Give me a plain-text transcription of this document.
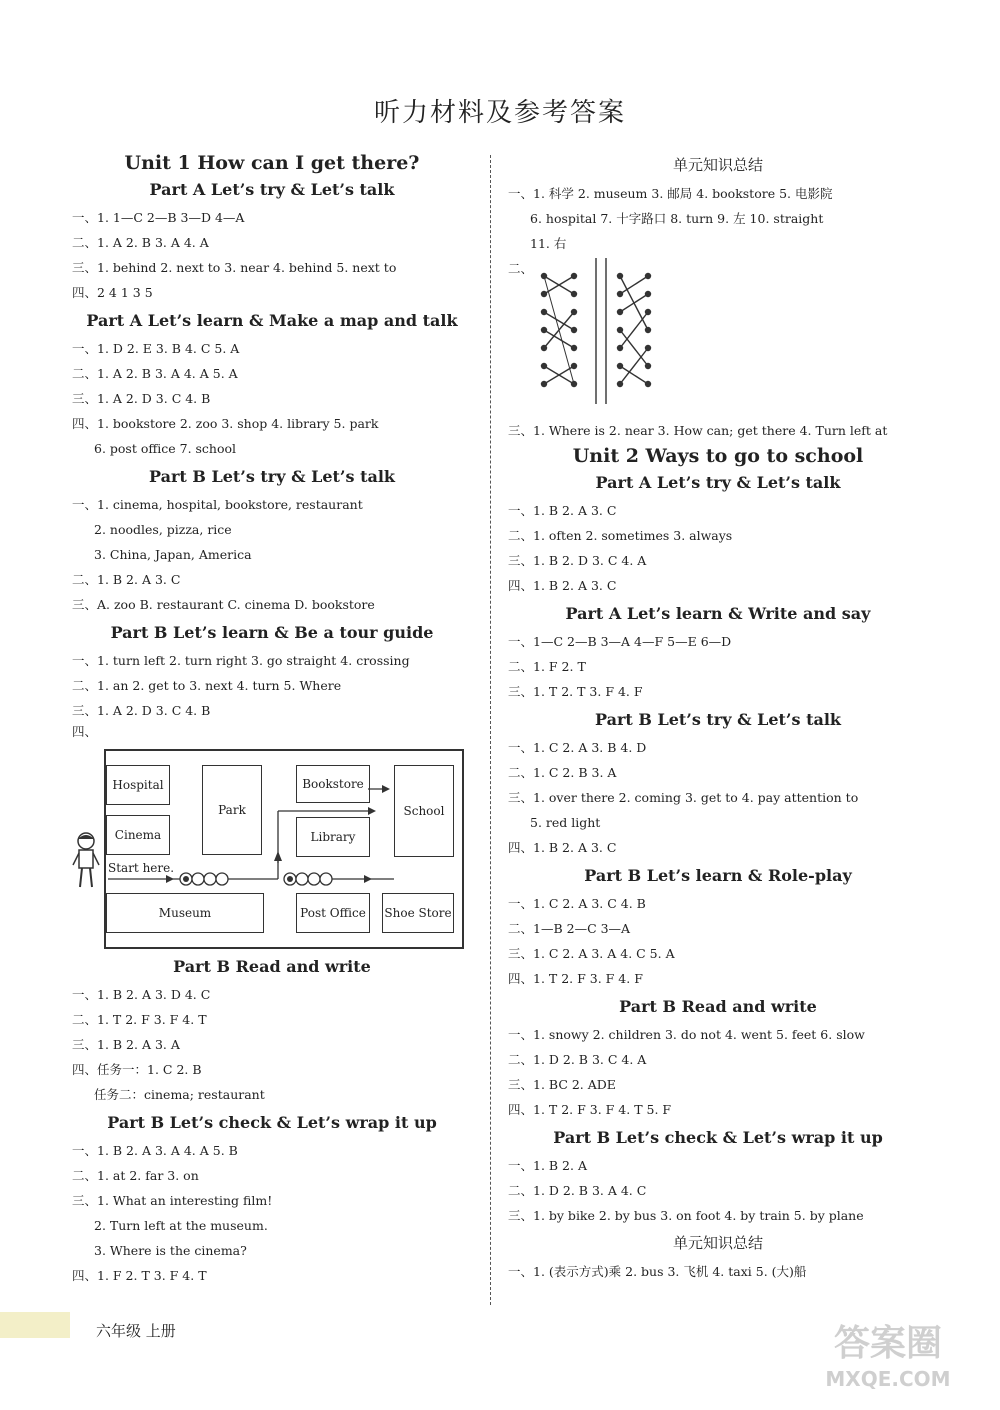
听力材料及参考答案
Unit 1 How can I get there?
Part A Let’s try & Let’s talk
一、1. 1—C 2—B 3—D 4—A
二、1. A 2. B 3. A 4. A
三、1. behind 2. next to 3. near 4. behind 5. next to
四、2 4 1 3 5
Part A Let’s learn & Make a map and talk
一、1. D 2. E 3. B 4. C 5. A
二、1. A 2. B 3. A 4. A 5. A
三、1. A 2. D 3. C 4. B
四、1. bookstore 2. zoo 3. shop 4. library 5. park
6. post office 7. school
Part B Let’s try & Let’s talk
一、1. cinema, hospital, bookstore, restaurant
2. noodles, pizza, rice
3. China, Japan, America
二、1. B 2. A 3. C
三、A. zoo B. restaurant C. cinema D. bookstore
Part B Let’s learn & Be a tour guide
一、1. turn left 2. turn right 3. go straight 4. crossing
二、1. an 2. get to 3. next 4. turn 5. Where
三、1. A 2. D 3. C 4. B
四、
Hospital
Cinema
Park
Bookstore
Library
School
Museum	Post Office	Shoe Store
Start here.
Part B Read and write
一、1. B 2. A 3. D 4. C
二、1. T 2. F 3. F 4. T
三、1. B 2. A 3. A
四、任务一：1. C 2. B
任务二：cinema; restaurant
Part B Let’s check & Let’s wrap it up
一、1. B 2. A 3. A 4. A 5. B
二、1. at 2. far 3. on
三、1. What an interesting film!
2. Turn left at the museum.
3. Where is the cinema?
四、1. F 2. T 3. F 4. T
单元知识总结
一、1. 科学 2. museum 3. 邮局 4. bookstore 5. 电影院
6. hospital 7. 十字路口 8. turn 9. 左 10. straight
11. 右
二、
三、1. Where is 2. near 3. How can; get there 4. Turn left at
Unit 2 Ways to go to school
Part A Let’s try & Let’s talk
一、1. B 2. A 3. C
二、1. often 2. sometimes 3. always
三、1. B 2. D 3. C 4. A
四、1. B 2. A 3. C
Part A Let’s learn & Write and say
一、1—C 2—B 3—A 4—F 5—E 6—D
二、1. F 2. T
三、1. T 2. T 3. F 4. F
Part B Let’s try & Let’s talk
一、1. C 2. A 3. B 4. D
二、1. C 2. B 3. A
三、1. over there 2. coming 3. get to 4. pay attention to
5. red light
四、1. B 2. A 3. C
Part B Let’s learn & Role-play
一、1. C 2. A 3. C 4. B
二、1—B 2—C 3—A
三、1. C 2. A 3. A 4. C 5. A
四、1. T 2. F 3. F 4. F
Part B Read and write
一、1. snowy 2. children 3. do not 4. went 5. feet 6. slow
二、1. D 2. B 3. C 4. A
三、1. BC 2. ADE
四、1. T 2. F 3. F 4. T 5. F
Part B Let’s check & Let’s wrap it up
一、1. B 2. A
二、1. D 2. B 3. A 4. C
三、1. by bike 2. by bus 3. on foot 4. by train 5. by plane
单元知识总结
一、1. (表示方式)乘 2. bus 3. 飞机 4. taxi 5. (大)船
六年级 上册	答案圈
MXQE.COM
